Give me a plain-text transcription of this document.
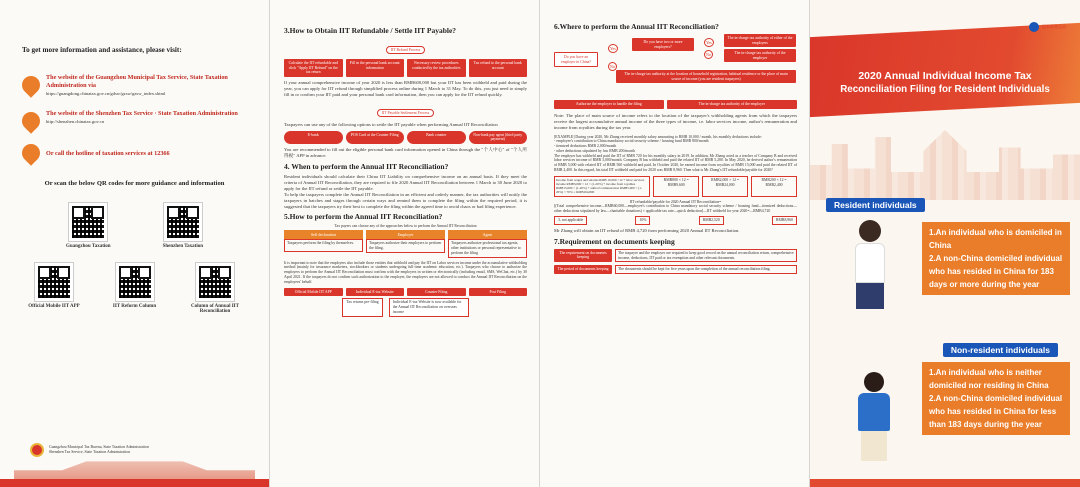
To get more information and assistance, please visit:
The website of the Guangzhou Municipal Tax Service, State Taxation Administration via
https://guangdong.chinatax.gov.cn/gdsw/gzsw/gzsw_index.shtml
The website of the Shenzhen Tax Service · State Taxation Administration
http://shenzhen.chinatax.gov.cn
Or call the hotline of taxation services at 12366
Or scan the below QR codes for more guidance and information
Guangzhou Taxation	Shenzhen Taxation
Official Mobile IIT APP	IIT Reform Column	Column of Annual IIT Reconciliation
Guangzhou Municipal Tax Bureau, State Taxation Administration
Shenzhen Tax Service, State Taxation Administration
3.How to Obtain IIT Refundable / Settle IIT Payable?
IIT Refund Process
Calculate the IIT refundable and click "Apply IIT Refund" on the tax return
Fill in the personal bank account information
Necessary review procedures conducted by the tax authorities
Tax refund to the personal bank account
If your annual comprehensive income of year 2020 is less than RMB600,000 but your IIT has been withheld and paid during the year, you can apply for IIT refund through simplified process online during 1 March to 31 May. To do this, you just need to simply fill in or confirm your IIT paid and your personal bank card information, then you can apply for the IIT refund quickly.
IIT Payable Settlement Process
Taxpayers can use any of the following options to settle the IIT payable when performing Annual IIT Reconciliation
E-bank	POS Card at the Counter Filing	Bank counter	Non-bank pay agent (third party payment)
You are recommended to fill out the eligible personal bank card information opened in China through the "个人中心" of "个人所得税" APP in advance.
4. When to perform the Annual IIT Reconciliation?
Resident individuals should calculate their China IIT Liability on comprehensive income on an annual basis. If they meet the criteria of Annual IIT Reconciliation, they are required to file 2020 Annual IIT Reconciliation between 1 March to 30 June 2020 to apply for the IIT refund or settle the IIT payable.
To help the taxpayers complete the Annual IIT Reconciliation in an efficient and orderly manner, the tax authorities will notify the taxpayers in batches and stages through certain ways and remind them to complete the filing within the required period, it is suggested that the taxpayers try their best to complete the filing within the agreed time to avoid chaos or bad filing experience.
5.How to perform the Annual IIT Reconciliation?
Tax payers can choose any of the approaches below to perform the Annual IIT Reconciliation
Self declaration
Taxpayers perform the filing by themselves.
Employer
Taxpayers authorize their employers to perform the filing.
Agent
Taxpayers authorize professional tax agents, other institutions or personal representative to perform the filing
It is important to note that the employers also include those entities that withhold and pay the IIT on Labor services income under the accumulative withholding method (mainly for insurance marketers, stockbrokers or students undergoing full-time academic education, etc.). Taxpayers who choose to authorize the employers to perform the Annual IIT Reconciliation must confirm with the employers in written or electronically (including email, SMS, WeChat, etc.) by 30 April 2021. If the taxpayers do not confirm such authorization to the employer, the employers are not allowed to conduct the Annual IIT Reconciliation on the employees' behalf.
Official Mobile IIT APP	Individual E-tax Website	Counter Filing	Post Filing
Tax returns pre-filing	Individual E-tax Website is now available for the Annual IIT Reconciliation on overseas income
6.Where to perform the Annual IIT Reconciliation?
Do you have an employer in China?
Do you have two or more employers?
Yes
No
Yes
No
The in-charge tax authority of either of the employers
The in-charge tax authority of the employer
The in-charge tax authority at the location of household registration, habitual residence or the place of main source of income (you are resident taxpayers)
Authorize the employer to handle the filing	The in-charge tax authority of the employer
Note: The place of main source of income refers to the location of the taxpayer's withholding agents from which the taxpayers receive the largest accumulative annual income of the three types of income, i.e. labor services income, author's remuneration and income from royalties during the tax year.
[EXAMPLE] During year 2020, Mr Zhang received monthly salary amounting to RMB 10,000 / month, his monthly deductions include:
- employee's contribution to China mandatory social security scheme / housing fund RMB 800/month
- itemized deductions RMB 2,000/month
- other deductions stipulated by law RMB 200/month
The employer has withheld and paid the IIT of RMB 720 for his monthly salary in 2019. In addition, Mr Zhang acted as a teacher of Company B and received labor services income of RMB 3,000/month. Company B has withheld and paid the related IIT of RMB 5,280. In May 2020, he derived author's remuneration of RMB 5,000 with related IIT of RMB 560 withheld and paid. In October 2020, he earned income from royalties of RMB 15,000 and paid the related IIT of RMB 2,400. In this regard, his total IIT withheld and paid for 2020 was RMB 8,960. Then what is Mr Zhang's IIT refundable/payable for 2020?
Income from wages and salaries RMB 10,000 ×12 + labor services income RMB3,000 × 12 × (1-20%) + income from royalties RMB15,000 × (1-20%) + author's remuneration RMB5,000 × (1-20%) × 70% = RMB164,800
RMB800 × 12 = RMB9,600
RMB2,000 × 12 = RMB24,000
RMB200 × 12 = RMB2,400
IIT refundable/payable for 2020 Annual IIT Reconciliation=
[(Total comprehensive income—RMB60,000—employee's contribution to China mandatory social security scheme / housing fund—itemized deductions—other deductions stipulated by law—charitable donations) × applicable tax rate—quick deduction]—IIT withheld for year 2020=—RMB4,720
3, not applicable	10%	RMB2,520	RMB8,960
Mr Zhang will obtain an IIT refund of RMB 4,720 from performing 2020 Annual IIT Reconciliation.
7.Requirement on documents keeping
The requirement on documents keeping
The taxpayer and the employer are required to keep good record on the annual reconciliation return, comprehensive income, deductions, IIT paid or tax exemption and other relevant documents.
The period of documents keeping	The documents should be kept for five years upon the completion of the annual reconciliation filing.
国家税务总局
2020 Annual Individual Income Tax
Reconciliation Filing for Resident Individuals
Resident individuals
1.An individual who is domiciled in China
2.A non-China domiciled individual who has resided in China for 183 days or more during the year
Non-resident individuals
1.An individual who is neither domiciled nor residing in China
2.A non-China domiciled individual who has resided in China for less than 183 days during the year
